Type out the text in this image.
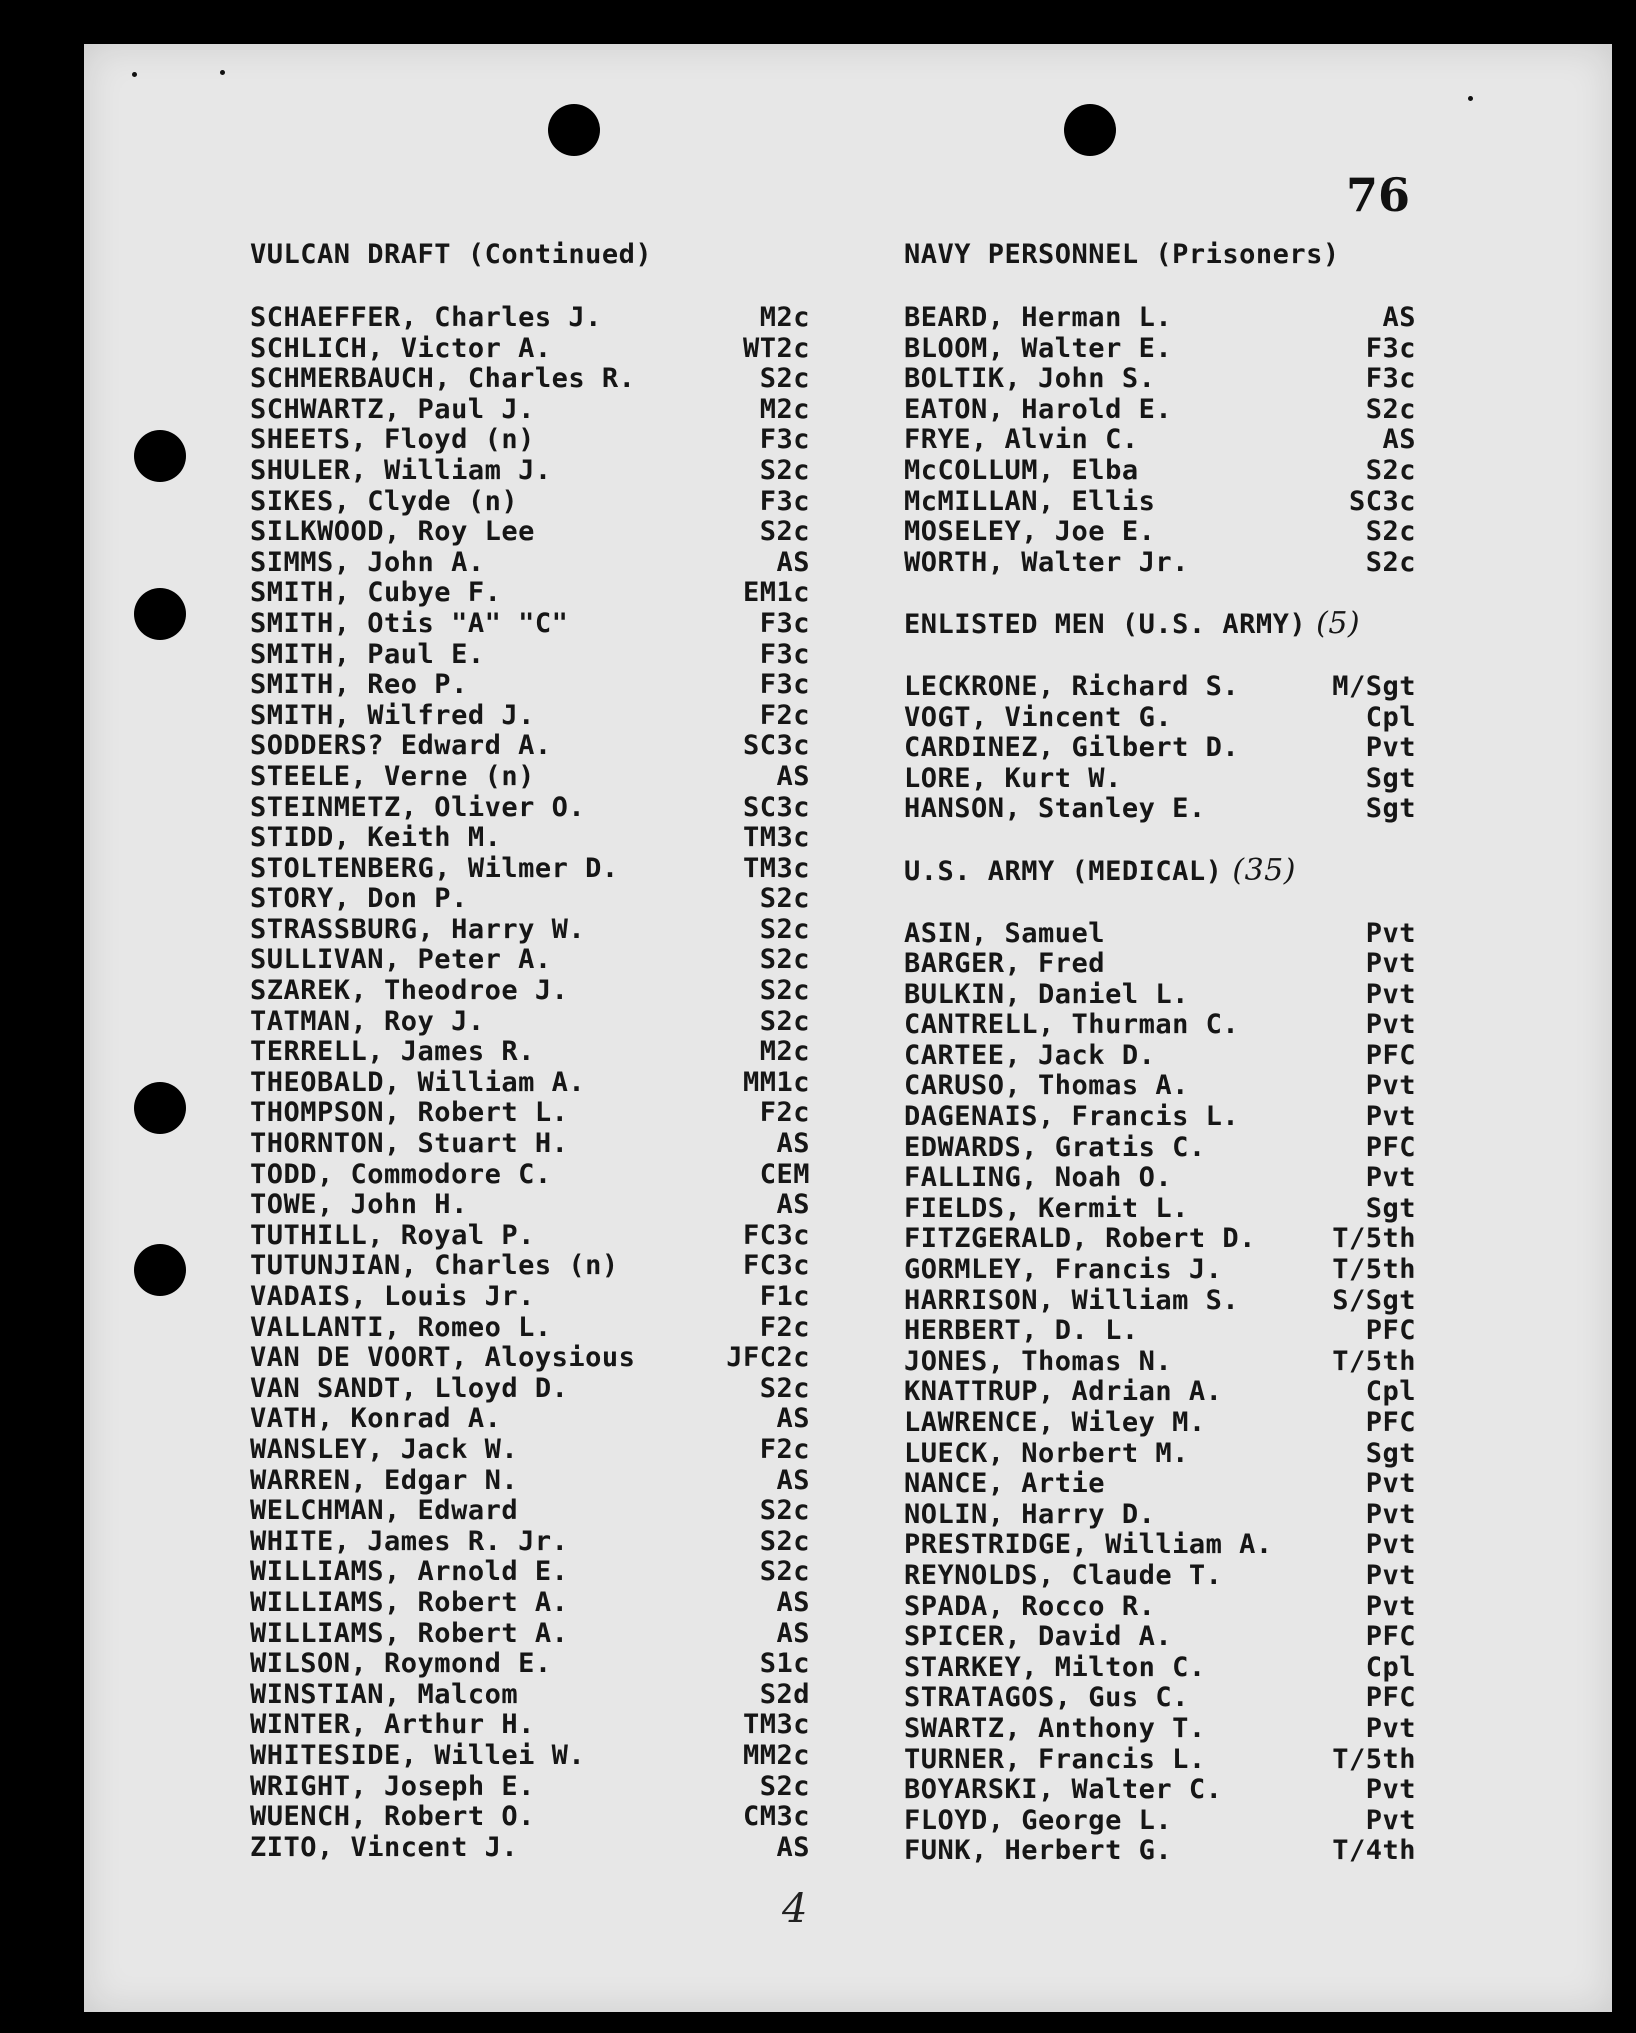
76
VULCAN DRAFT (Continued)
SCHAEFFER, Charles J.	M2c
SCHLICH, Victor A.	WT2c
SCHMERBAUCH, Charles R.	S2c
SCHWARTZ, Paul J.	M2c
SHEETS, Floyd (n)	F3c
SHULER, William J.	S2c
SIKES, Clyde (n)	F3c
SILKWOOD, Roy Lee	S2c
SIMMS, John A.	AS
SMITH, Cubye F.	EM1c
SMITH, Otis "A" "C"	F3c
SMITH, Paul E.	F3c
SMITH, Reo P.	F3c
SMITH, Wilfred J.	F2c
SODDERS? Edward A.	SC3c
STEELE, Verne (n)	AS
STEINMETZ, Oliver O.	SC3c
STIDD, Keith M.	TM3c
STOLTENBERG, Wilmer D.	TM3c
STORY, Don P.	S2c
STRASSBURG, Harry W.	S2c
SULLIVAN, Peter A.	S2c
SZAREK, Theodroe J.	S2c
TATMAN, Roy J.	S2c
TERRELL, James R.	M2c
THEOBALD, William A.	MM1c
THOMPSON, Robert L.	F2c
THORNTON, Stuart H.	AS
TODD, Commodore C.	CEM
TOWE, John H.	AS
TUTHILL, Royal P.	FC3c
TUTUNJIAN, Charles (n)	FC3c
VADAIS, Louis Jr.	F1c
VALLANTI, Romeo L.	F2c
VAN DE VOORT, Aloysious	JFC2c
VAN SANDT, Lloyd D.	S2c
VATH, Konrad A.	AS
WANSLEY, Jack W.	F2c
WARREN, Edgar N.	AS
WELCHMAN, Edward	S2c
WHITE, James R. Jr.	S2c
WILLIAMS, Arnold E.	S2c
WILLIAMS, Robert A.	AS
WILLIAMS, Robert A.	AS
WILSON, Roymond E.	S1c
WINSTIAN, Malcom	S2d
WINTER, Arthur H.	TM3c
WHITESIDE, Willei W.	MM2c
WRIGHT, Joseph E.	S2c
WUENCH, Robert O.	CM3c
ZITO, Vincent J.	AS
NAVY PERSONNEL (Prisoners)
BEARD, Herman L.	AS
BLOOM, Walter E.	F3c
BOLTIK, John S.	F3c
EATON, Harold E.	S2c
FRYE, Alvin C.	AS
McCOLLUM, Elba	S2c
McMILLAN, Ellis	SC3c
MOSELEY, Joe E.	S2c
WORTH, Walter Jr.	S2c
ENLISTED MEN (U.S. ARMY) (5)
LECKRONE, Richard S.	M/Sgt
VOGT, Vincent G.	Cpl
CARDINEZ, Gilbert D.	Pvt
LORE, Kurt W.	Sgt
HANSON, Stanley E.	Sgt
U.S. ARMY (MEDICAL) (35)
ASIN, Samuel	Pvt
BARGER, Fred	Pvt
BULKIN, Daniel L.	Pvt
CANTRELL, Thurman C.	Pvt
CARTEE, Jack D.	PFC
CARUSO, Thomas A.	Pvt
DAGENAIS, Francis L.	Pvt
EDWARDS, Gratis C.	PFC
FALLING, Noah O.	Pvt
FIELDS, Kermit L.	Sgt
FITZGERALD, Robert D.	T/5th
GORMLEY, Francis J.	T/5th
HARRISON, William S.	S/Sgt
HERBERT, D. L.	PFC
JONES, Thomas N.	T/5th
KNATTRUP, Adrian A.	Cpl
LAWRENCE, Wiley M.	PFC
LUECK, Norbert M.	Sgt
NANCE, Artie	Pvt
NOLIN, Harry D.	Pvt
PRESTRIDGE, William A.	Pvt
REYNOLDS, Claude T.	Pvt
SPADA, Rocco R.	Pvt
SPICER, David A.	PFC
STARKEY, Milton C.	Cpl
STRATAGOS, Gus C.	PFC
SWARTZ, Anthony T.	Pvt
TURNER, Francis L.	T/5th
BOYARSKI, Walter C.	Pvt
FLOYD, George L.	Pvt
FUNK, Herbert G.	T/4th
4
